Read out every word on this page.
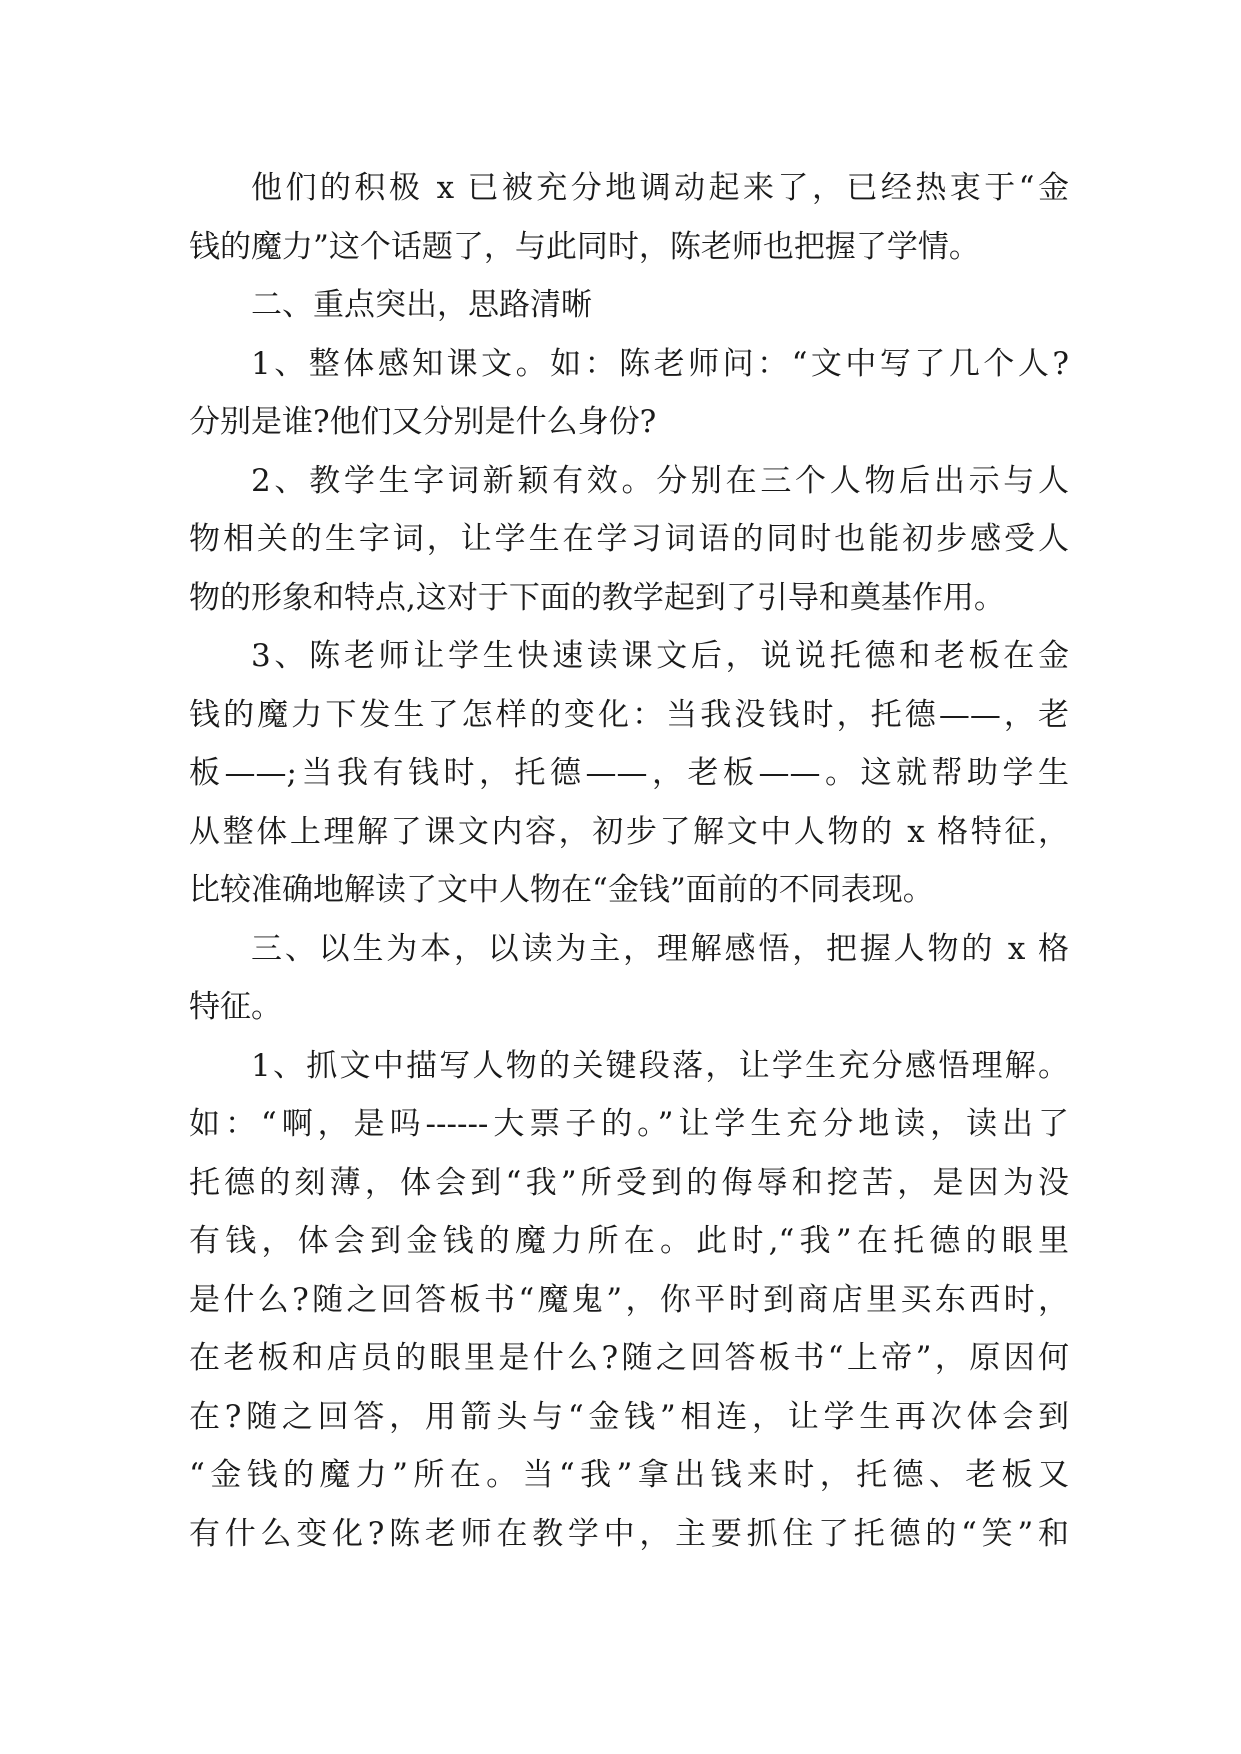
他们的积极 x 已被充分地调动起来了，已经热衷于“金
钱的魔力”这个话题了，与此同时，陈老师也把握了学情。
二、重点突出，思路清晰
1、整体感知课文。如：陈老师问：“文中写了几个人?
分别是谁?他们又分别是什么身份?
2、教学生字词新颖有效。分别在三个人物后出示与人
物相关的生字词，让学生在学习词语的同时也能初步感受人
物的形象和特点,这对于下面的教学起到了引导和奠基作用。
3、陈老师让学生快速读课文后，说说托德和老板在金
钱的魔力下发生了怎样的变化：当我没钱时，托德——，老
板——;当我有钱时，托德——，老板——。这就帮助学生
从整体上理解了课文内容，初步了解文中人物的 x 格特征，
比较准确地解读了文中人物在“金钱”面前的不同表现。
三、以生为本，以读为主，理解感悟，把握人物的 x 格
特征。
1、抓文中描写人物的关键段落，让学生充分感悟理解。
如：“啊，是吗------大票子的。”让学生充分地读，读出了
托德的刻薄，体会到“我”所受到的侮辱和挖苦，是因为没
有钱，体会到金钱的魔力所在。此时,“我”在托德的眼里
是什么?随之回答板书“魔鬼”，你平时到商店里买东西时，
在老板和店员的眼里是什么?随之回答板书“上帝”，原因何
在?随之回答，用箭头与“金钱”相连，让学生再次体会到
“金钱的魔力”所在。当“我”拿出钱来时，托德、老板又
有什么变化?陈老师在教学中，主要抓住了托德的“笑”和
